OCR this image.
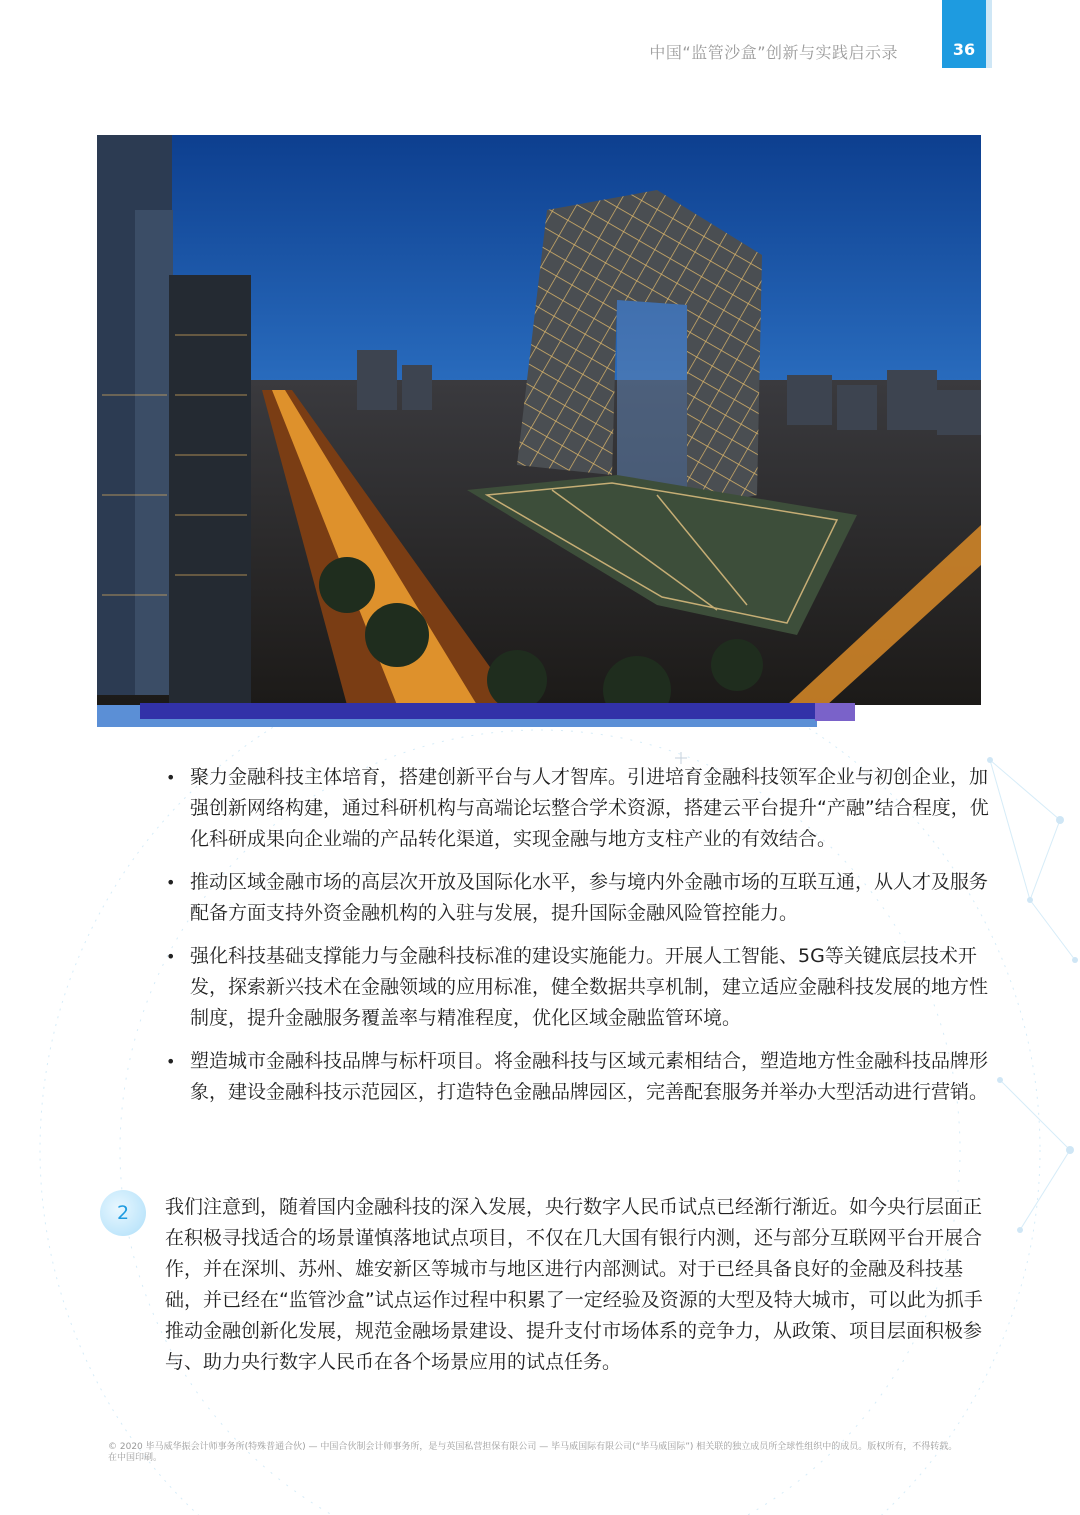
中国“监管沙盒”创新与实践启示录	36
• 聚力金融科技主体培育，搭建创新平台与人才智库。引进培育金融科技领军企业与初创企业，加强创新网络构建，通过科研机构与高端论坛整合学术资源，搭建云平台提升“产融”结合程度，优化科研成果向企业端的产品转化渠道，实现金融与地方支柱产业的有效结合。
• 推动区域金融市场的高层次开放及国际化水平，参与境内外金融市场的互联互通，从人才及服务配备方面支持外资金融机构的入驻与发展，提升国际金融风险管控能力。
• 强化科技基础支撑能力与金融科技标准的建设实施能力。开展人工智能、5G等关键底层技术开发，探索新兴技术在金融领域的应用标准，健全数据共享机制，建立适应金融科技发展的地方性制度，提升金融服务覆盖率与精准程度，优化区域金融监管环境。
• 塑造城市金融科技品牌与标杆项目。将金融科技与区域元素相结合，塑造地方性金融科技品牌形象，建设金融科技示范园区，打造特色金融品牌园区，完善配套服务并举办大型活动进行营销。
2	我们注意到，随着国内金融科技的深入发展，央行数字人民币试点已经渐行渐近。如今央行层面正在积极寻找适合的场景谨慎落地试点项目，不仅在几大国有银行内测，还与部分互联网平台开展合作，并在深圳、苏州、雄安新区等城市与地区进行内部测试。对于已经具备良好的金融及科技基础，并已经在“监管沙盒”试点运作过程中积累了一定经验及资源的大型及特大城市，可以此为抓手推动金融创新化发展，规范金融场景建设、提升支付市场体系的竞争力，从政策、项目层面积极参与、助力央行数字人民币在各个场景应用的试点任务。

© 2020 毕马威华振会计师事务所(特殊普通合伙) — 中国合伙制会计师事务所，是与英国私营担保有限公司 — 毕马威国际有限公司(“毕马威国际”) 相关联的独立成员所全球性组织中的成员。版权所有，不得转载。在中国印刷。
